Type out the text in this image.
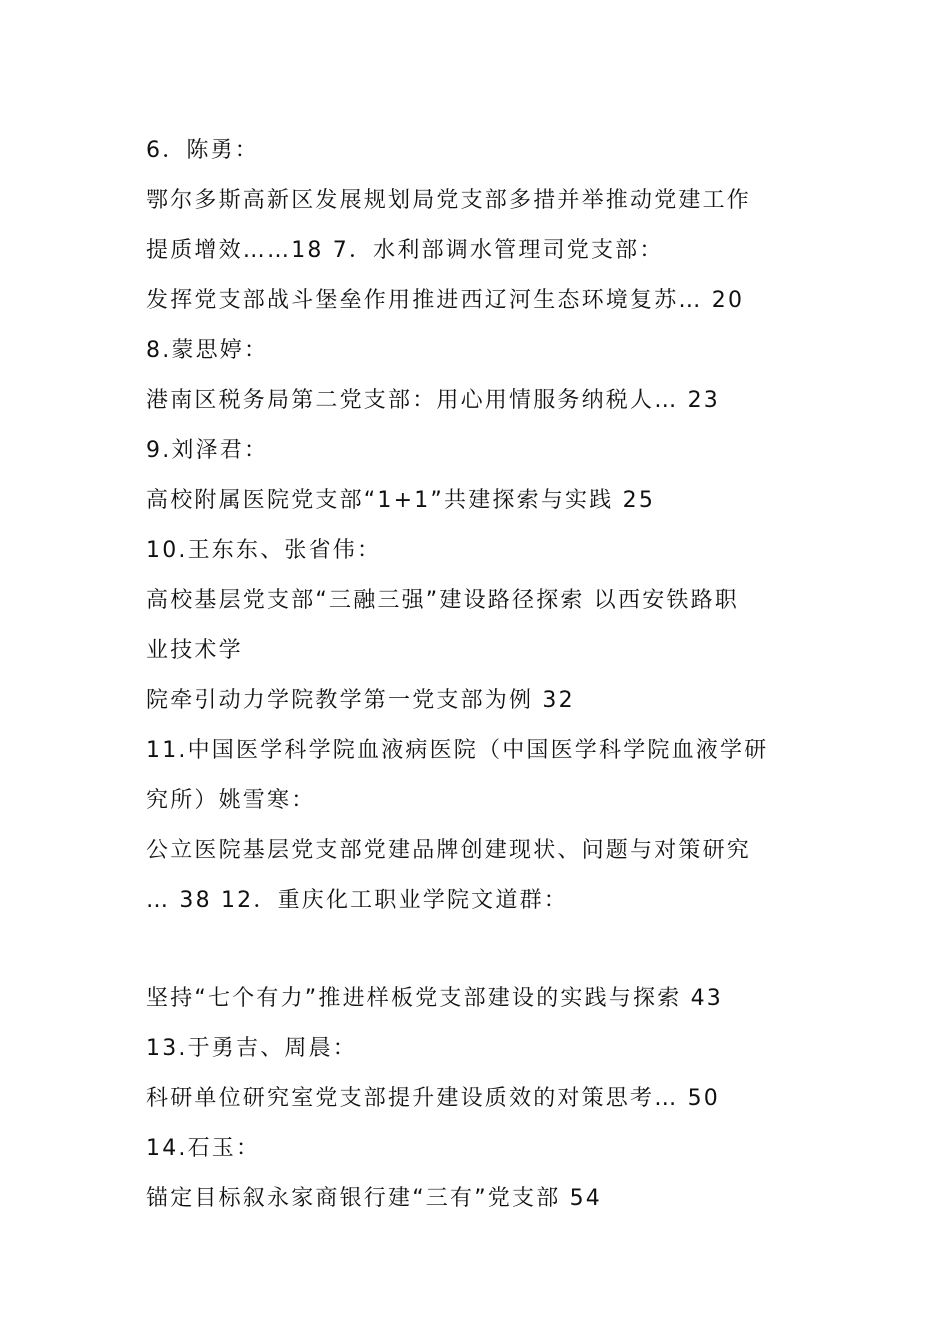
6．陈勇：
鄂尔多斯高新区发展规划局党支部多措并举推动党建工作
提质增效……18 7．水利部调水管理司党支部：
发挥党支部战斗堡垒作用推进西辽河生态环境复苏… 20
8.蒙思婷：
港南区税务局第二党支部：用心用情服务纳税人… 23
9.刘泽君：
高校附属医院党支部“1+1”共建探索与实践 25
10.王东东、张省伟：
高校基层党支部“三融三强”建设路径探索 以西安铁路职
业技术学
院牵引动力学院教学第一党支部为例 32
11.中国医学科学院血液病医院（中国医学科学院血液学研
究所）姚雪寒：
公立医院基层党支部党建品牌创建现状、问题与对策研究
… 38 12．重庆化工职业学院文道群：
坚持“七个有力”推进样板党支部建设的实践与探索 43
13.于勇吉、周晨：
科研单位研究室党支部提升建设质效的对策思考… 50
14.石玉：
锚定目标叙永家商银行建“三有”党支部 54
